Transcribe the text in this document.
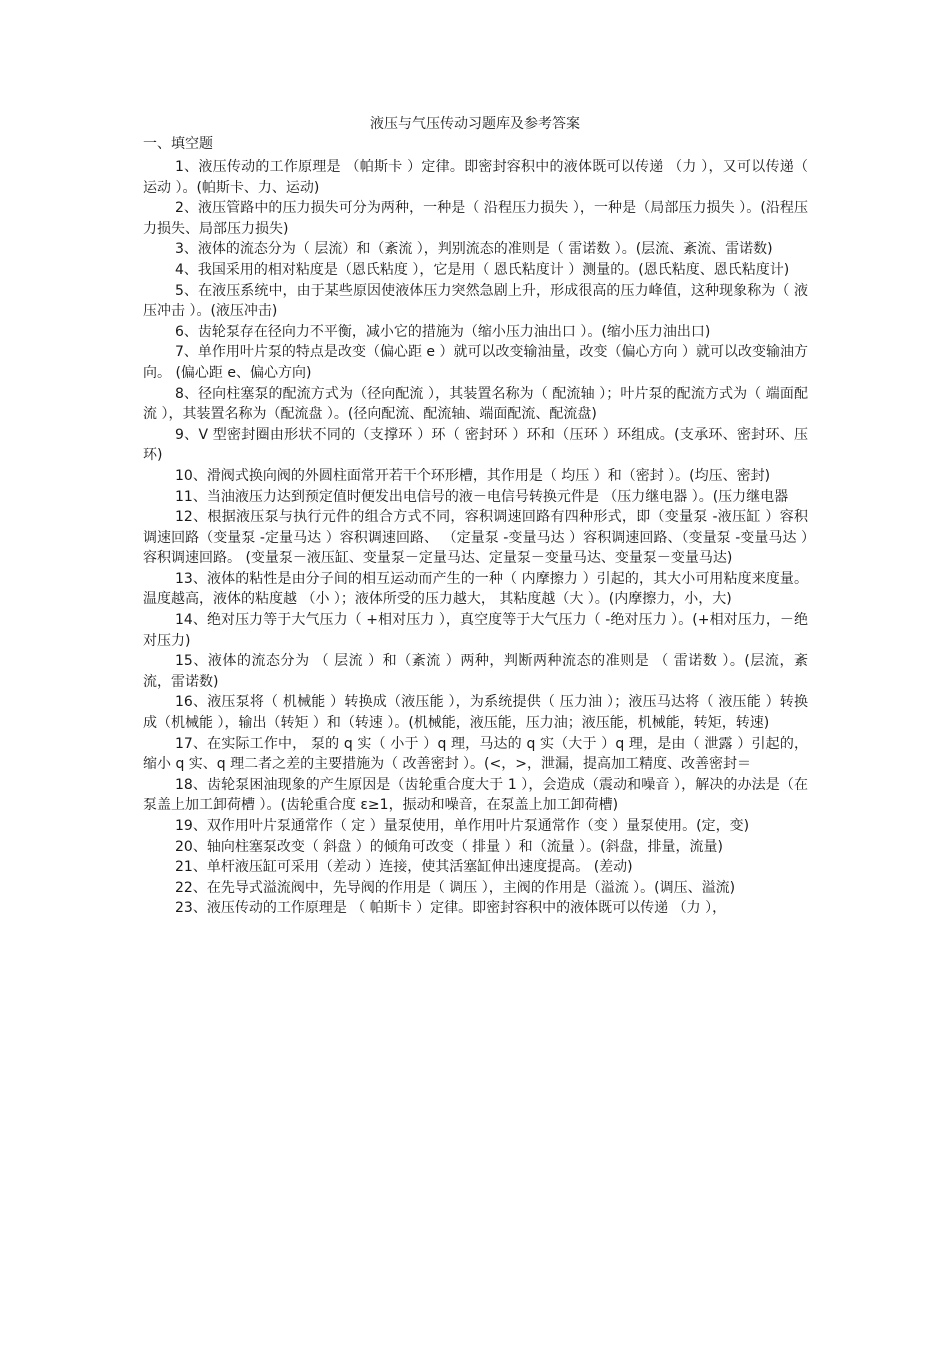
液压与气压传动习题库及参考答案
一、填空题

1、液压传动的工作原理是 （帕斯卡 ）定律。即密封容积中的液体既可以传递 （力 ），又可以传递（ 运动 ）。(帕斯卡、力、运动)

2、液压管路中的压力损失可分为两种，一种是（ 沿程压力损失 ），一种是（局部压力损失 ）。(沿程压力损失、局部压力损失)

3、液体的流态分为（ 层流）和（紊流 ），判别流态的准则是（ 雷诺数 ）。(层流、紊流、雷诺数)

4、我国采用的相对粘度是（恩氏粘度 ），它是用（ 恩氏粘度计 ）测量的。(恩氏粘度、恩氏粘度计)

5、在液压系统中，由于某些原因使液体压力突然急剧上升，形成很高的压力峰值，这种现象称为（ 液压冲击 ）。(液压冲击)

6、齿轮泵存在径向力不平衡，减小它的措施为（缩小压力油出口 ）。(缩小压力油出口)

7、单作用叶片泵的特点是改变（偏心距 e ）就可以改变输油量，改变（偏心方向 ）就可以改变输油方向。 (偏心距 e、偏心方向)

8、径向柱塞泵的配流方式为（径向配流 ），其装置名称为（ 配流轴 ）；叶片泵的配流方式为（ 端面配流 ），其装置名称为（配流盘 ）。(径向配流、配流轴、端面配流、配流盘)

9、V 型密封圈由形状不同的（支撑环 ）环（ 密封环 ）环和（压环 ）环组成。(支承环、密封环、压环)

10、滑阀式换向阀的外圆柱面常开若干个环形槽，其作用是（ 均压 ）和（密封 ）。(均压、密封)

11、当油液压力达到预定值时便发出电信号的液－电信号转换元件是 （压力继电器 ）。(压力继电器

12、根据液压泵与执行元件的组合方式不同，容积调速回路有四种形式，即（变量泵 -液压缸 ）容积调速回路（变量泵 -定量马达 ）容积调速回路、 （定量泵 -变量马达 ）容积调速回路、（变量泵 -变量马达 ）容积调速回路。 (变量泵－液压缸、变量泵－定量马达、定量泵－变量马达、变量泵－变量马达)

13、液体的粘性是由分子间的相互运动而产生的一种（ 内摩擦力 ）引起的，其大小可用粘度来度量。 温度越高，液体的粘度越 （小 ）；液体所受的压力越大， 其粘度越（大 ）。(内摩擦力，小，大)

14、绝对压力等于大气压力（ +相对压力 ），真空度等于大气压力（ -绝对压力 ）。(+相对压力，－绝对压力)

15、液体的流态分为 （ 层流 ）和（紊流 ）两种，判断两种流态的准则是 （ 雷诺数 ）。(层流，紊流，雷诺数)

16、液压泵将（ 机械能 ）转换成（液压能 ），为系统提供（ 压力油 ）；液压马达将（ 液压能 ）转换成（机械能 ），输出（转矩 ）和（转速 ）。(机械能，液压能，压力油；液压能，机械能，转矩，转速)

17、在实际工作中， 泵的 q 实（ 小于 ）q 理，马达的 q 实（大于 ）q 理，是由（ 泄露 ）引起的，缩小 q 实、q 理二者之差的主要措施为（ 改善密封 ）。(<，>，泄漏，提高加工精度、改善密封＝

18、齿轮泵困油现象的产生原因是（齿轮重合度大于 1 ），会造成（震动和噪音 ），解决的办法是（在泵盖上加工卸荷槽 ）。(齿轮重合度 ε≥1，振动和噪音，在泵盖上加工卸荷槽)

19、双作用叶片泵通常作（ 定 ）量泵使用，单作用叶片泵通常作（变 ）量泵使用。(定，变)

20、轴向柱塞泵改变（ 斜盘 ）的倾角可改变（ 排量 ）和（流量 ）。(斜盘，排量，流量)

21、单杆液压缸可采用（差动 ）连接，使其活塞缸伸出速度提高。 (差动)

22、在先导式溢流阀中，先导阀的作用是（ 调压 ），主阀的作用是（溢流 ）。(调压、溢流)

23、液压传动的工作原理是 （ 帕斯卡 ）定律。即密封容积中的液体既可以传递 （力 ），
